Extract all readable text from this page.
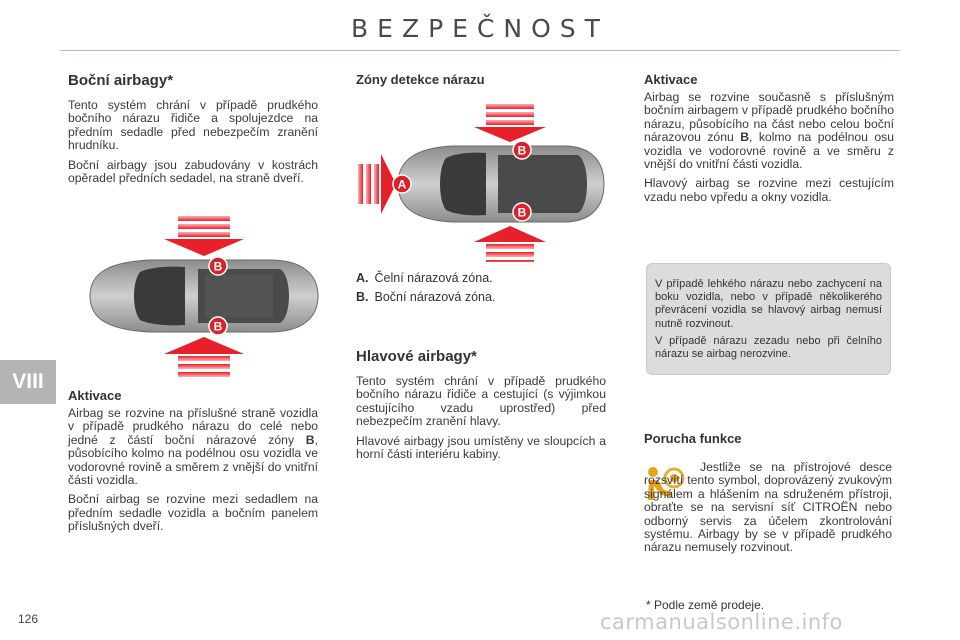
BEZPEČNOST
VIII
126
Boční airbagy*

Tento systém chrání v případě prudkého bočního nárazu řidiče a spolujezdce na předním sedadle před nebezpečím zranění hrudníku.

Boční airbagy jsou zabudovány v kostrách opěradel předních sedadel, na straně dveří.

B
B
Aktivace

Airbag se rozvine na příslušné straně vozidla v případě prudkého nárazu do celé nebo jedné z částí boční nárazové zóny B, působícího kolmo na podélnou osu vozidla ve vodorovné rovině a směrem z vnější do vnitřní části vozidla.

Boční airbag se rozvine mezi sedadlem na předním sedadle vozidla a bočním panelem příslušných dveří.

Zóny detekce nárazu
A
B
B
A. Čelní nárazová zóna.
B. Boční nárazová zóna.
Hlavové airbagy*

Tento systém chrání v případě prudkého bočního nárazu řidiče a cestující (s výjimkou cestujícího vzadu uprostřed) před nebezpečím zranění hlavy.

Hlavové airbagy jsou umístěny ve sloupcích a horní části interiéru kabiny.

Aktivace

Airbag se rozvine současně s příslušným bočním airbagem v případě prudkého bočního nárazu, působícího na část nebo celou boční nárazovou zónu B, kolmo na podélnou osu vozidla ve vodorovné rovině a ve směru z vnější do vnitřní části vozidla.

Hlavový airbag se rozvine mezi cestujícím vzadu nebo vpředu a okny vozidla.

V případě lehkého nárazu nebo zachycení na boku vozidla, nebo v případě několikerého převrácení vozidla se hlavový airbag nemusí nutně rozvinout.

V případě nárazu zezadu nebo při čelního nárazu se airbag nerozvine.

Porucha funkce

Jestliže se na přístrojové desce rozsvítí tento symbol, doprovázený zvukovým signálem a hlášením na sdruženém přístroji, obraťte se na servisní síť CITROËN nebo odborný servis za účelem zkontrolování systému. Airbagy by se v případě prudkého nárazu nemusely rozvinout.

* Podle země prodeje.
carmanualsonline.info
